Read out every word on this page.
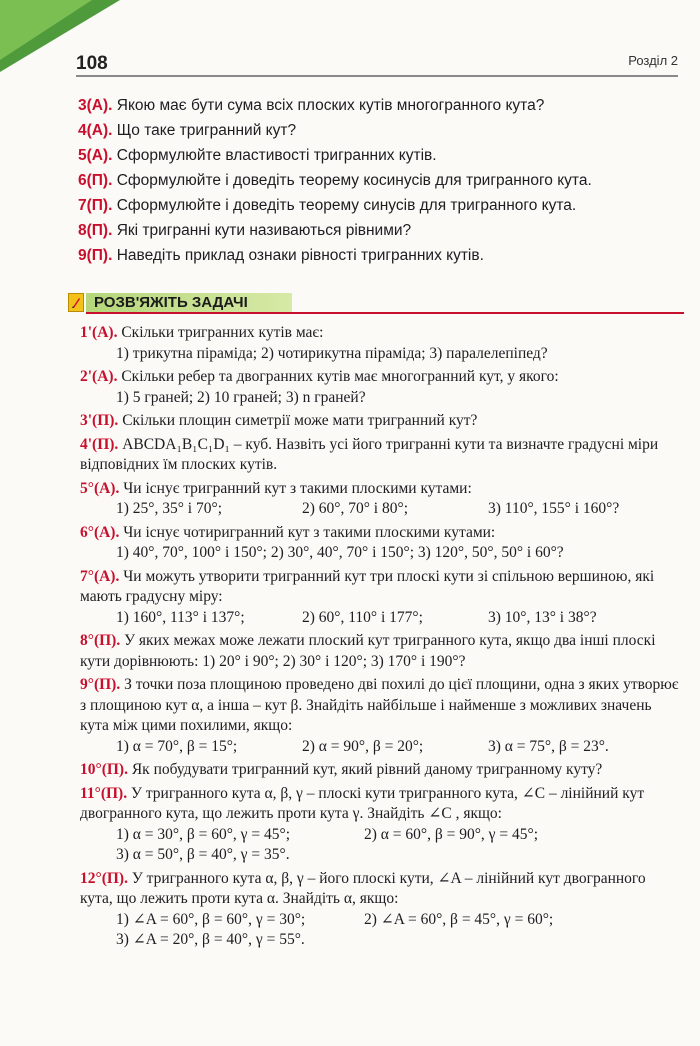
108	Розділ 2
3(А). Якою має бути сума всіх плоских кутів многогранного кута?
4(А). Що таке тригранний кут?
5(А). Сформулюйте властивості тригранних кутів.
6(П). Сформулюйте і доведіть теорему косинусів для тригранного кута.
7(П). Сформулюйте і доведіть теорему синусів для тригранного кута.
8(П). Які тригранні кути називаються рівними?
9(П). Наведіть приклад ознаки рівності тригранних кутів.
РОЗВ'ЯЖІТЬ ЗАДАЧІ
1'(А). Скільки тригранних кутів має:
1) трикутна піраміда; 2) чотирикутна піраміда; 3) паралелепіпед?
2'(А). Скільки ребер та двогранних кутів має многогранний кут, у якого:
1) 5 граней; 2) 10 граней; 3) n граней?
3'(П). Скільки площин симетрії може мати тригранний кут?
4'(П). ABCDA₁B₁C₁D₁ – куб. Назвіть усі його тригранні кути та визначте градусні міри відповідних їм плоских кутів.
5°(А). Чи існує тригранний кут з такими плоскими кутами:
1) 25°, 35° і 70°;	2) 60°, 70° і 80°;	3) 110°, 155° і 160°?
6°(А). Чи існує чотиригранний кут з такими плоскими кутами:
1) 40°, 70°, 100° і 150°; 2) 30°, 40°, 70° і 150°; 3) 120°, 50°, 50° і 60°?
7°(А). Чи можуть утворити тригранний кут три плоскі кути зі спільною вершиною, які мають градусну міру:
1) 160°, 113° і 137°;	2) 60°, 110° і 177°;	3) 10°, 13° і 38°?
8°(П). У яких межах може лежати плоский кут тригранного кута, якщо два інші плоскі кути дорівнюють: 1) 20° і 90°; 2) 30° і 120°; 3) 170° і 190°?
9°(П). З точки поза площиною проведено дві похилі до цієї площини, одна з яких утворює з площиною кут α, а інша – кут β. Знайдіть найбільше і найменше з можливих значень кута між цими похилими, якщо:
1) α = 70°, β = 15°;	2) α = 90°, β = 20°;	3) α = 75°, β = 23°.
10°(П). Як побудувати тригранний кут, який рівний даному тригранному куту?
11°(П). У тригранного кута α, β, γ – плоскі кути тригранного кута, ∠C – лінійний кут двогранного кута, що лежить проти кута γ. Знайдіть ∠C , якщо:
1) α = 30°, β = 60°, γ = 45°;	2) α = 60°, β = 90°, γ = 45°;
3) α = 50°, β = 40°, γ = 35°.
12°(П). У тригранного кута α, β, γ – його плоскі кути, ∠A – лінійний кут двогранного кута, що лежить проти кута α. Знайдіть α, якщо:
1) ∠A = 60°, β = 60°, γ = 30°;	2) ∠A = 60°, β = 45°, γ = 60°;
3) ∠A = 20°, β = 40°, γ = 55°.
